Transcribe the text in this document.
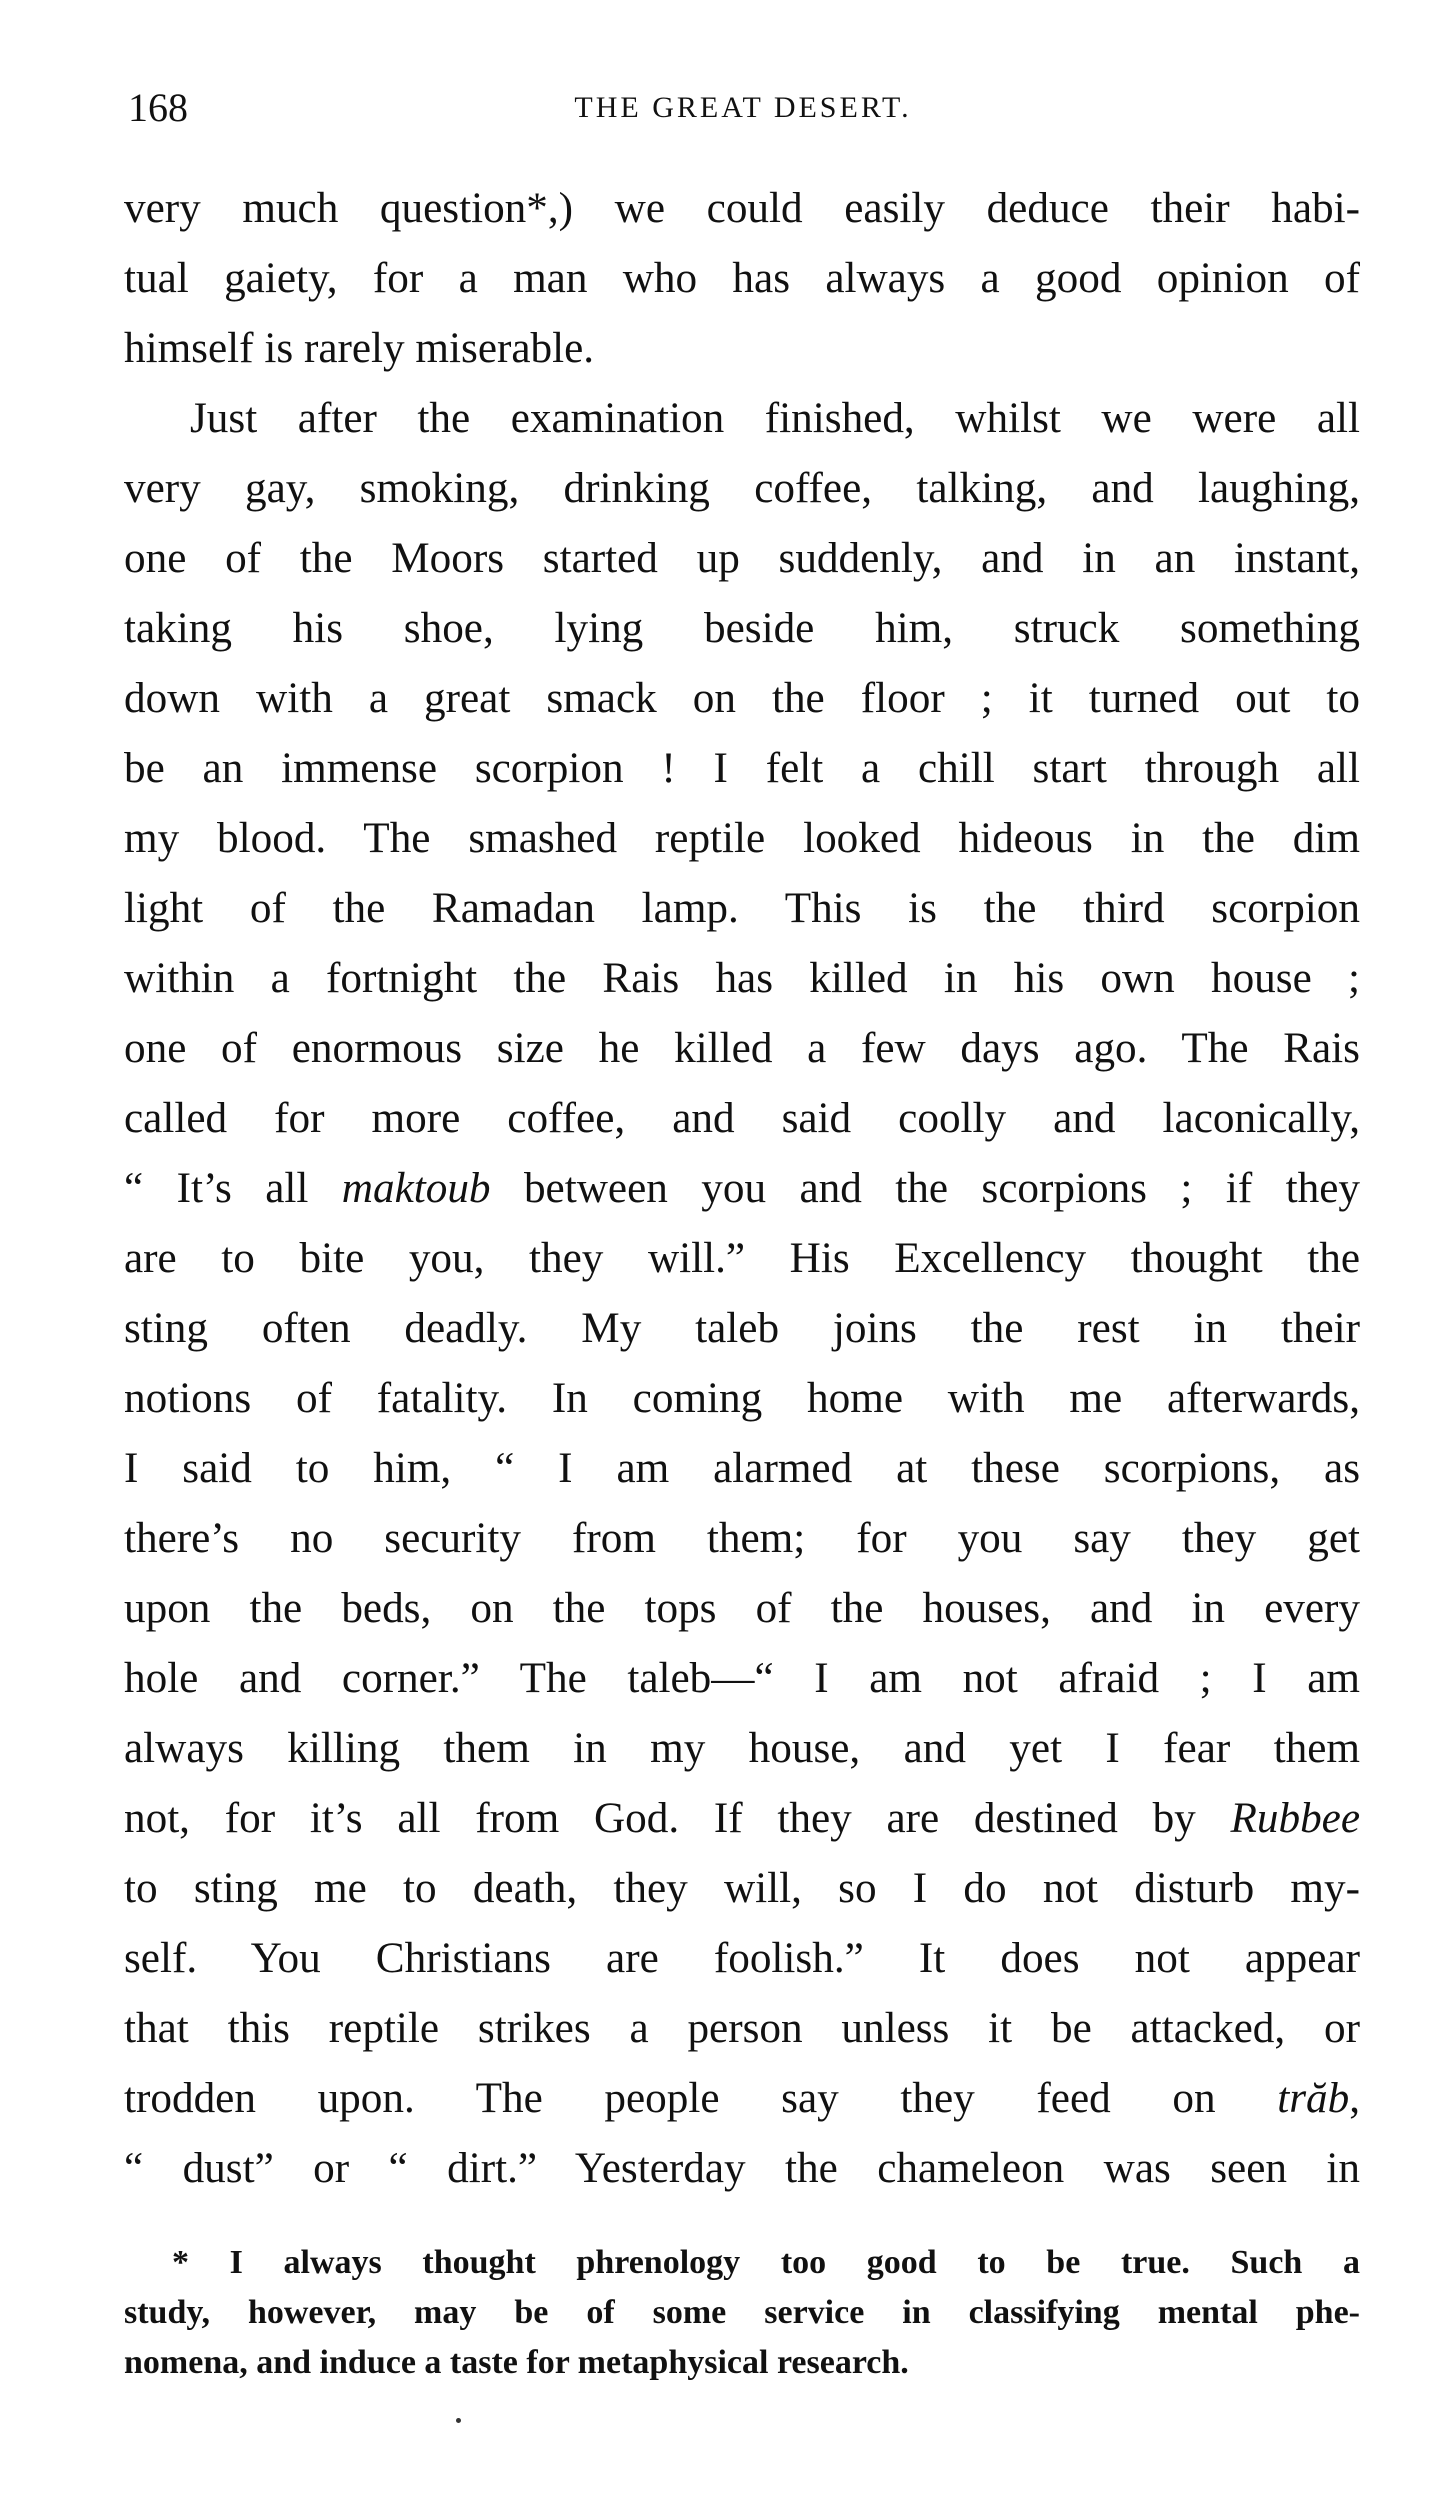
168	THE GREAT DESERT.
very much question*,) we could easily deduce their habi-
tual gaiety, for a man who has always a good opinion of
himself is rarely miserable.
Just after the examination finished, whilst we were all
very gay, smoking, drinking coffee, talking, and laughing,
one of the Moors started up suddenly, and in an instant,
taking his shoe, lying beside him, struck something
down with a great smack on the floor ; it turned out to
be an immense scorpion ! I felt a chill start through all
my blood. The smashed reptile looked hideous in the dim
light of the Ramadan lamp. This is the third scorpion
within a fortnight the Rais has killed in his own house ;
one of enormous size he killed a few days ago. The Rais
called for more coffee, and said coolly and laconically,
“ It’s all maktoub between you and the scorpions ; if they
are to bite you, they will.” His Excellency thought the
sting often deadly. My taleb joins the rest in their
notions of fatality. In coming home with me afterwards,
I said to him, “ I am alarmed at these scorpions, as
there’s no security from them; for you say they get
upon the beds, on the tops of the houses, and in every
hole and corner.” The taleb—“ I am not afraid ; I am
always killing them in my house, and yet I fear them
not, for it’s all from God. If they are destined by Rubbee
to sting me to death, they will, so I do not disturb my-
self. You Christians are foolish.” It does not appear
that this reptile strikes a person unless it be attacked, or
trodden upon. The people say they feed on trăb,
“ dust” or “ dirt.” Yesterday the chameleon was seen in
* I always thought phrenology too good to be true. Such a
study, however, may be of some service in classifying mental phe-
nomena, and induce a taste for metaphysical research.
